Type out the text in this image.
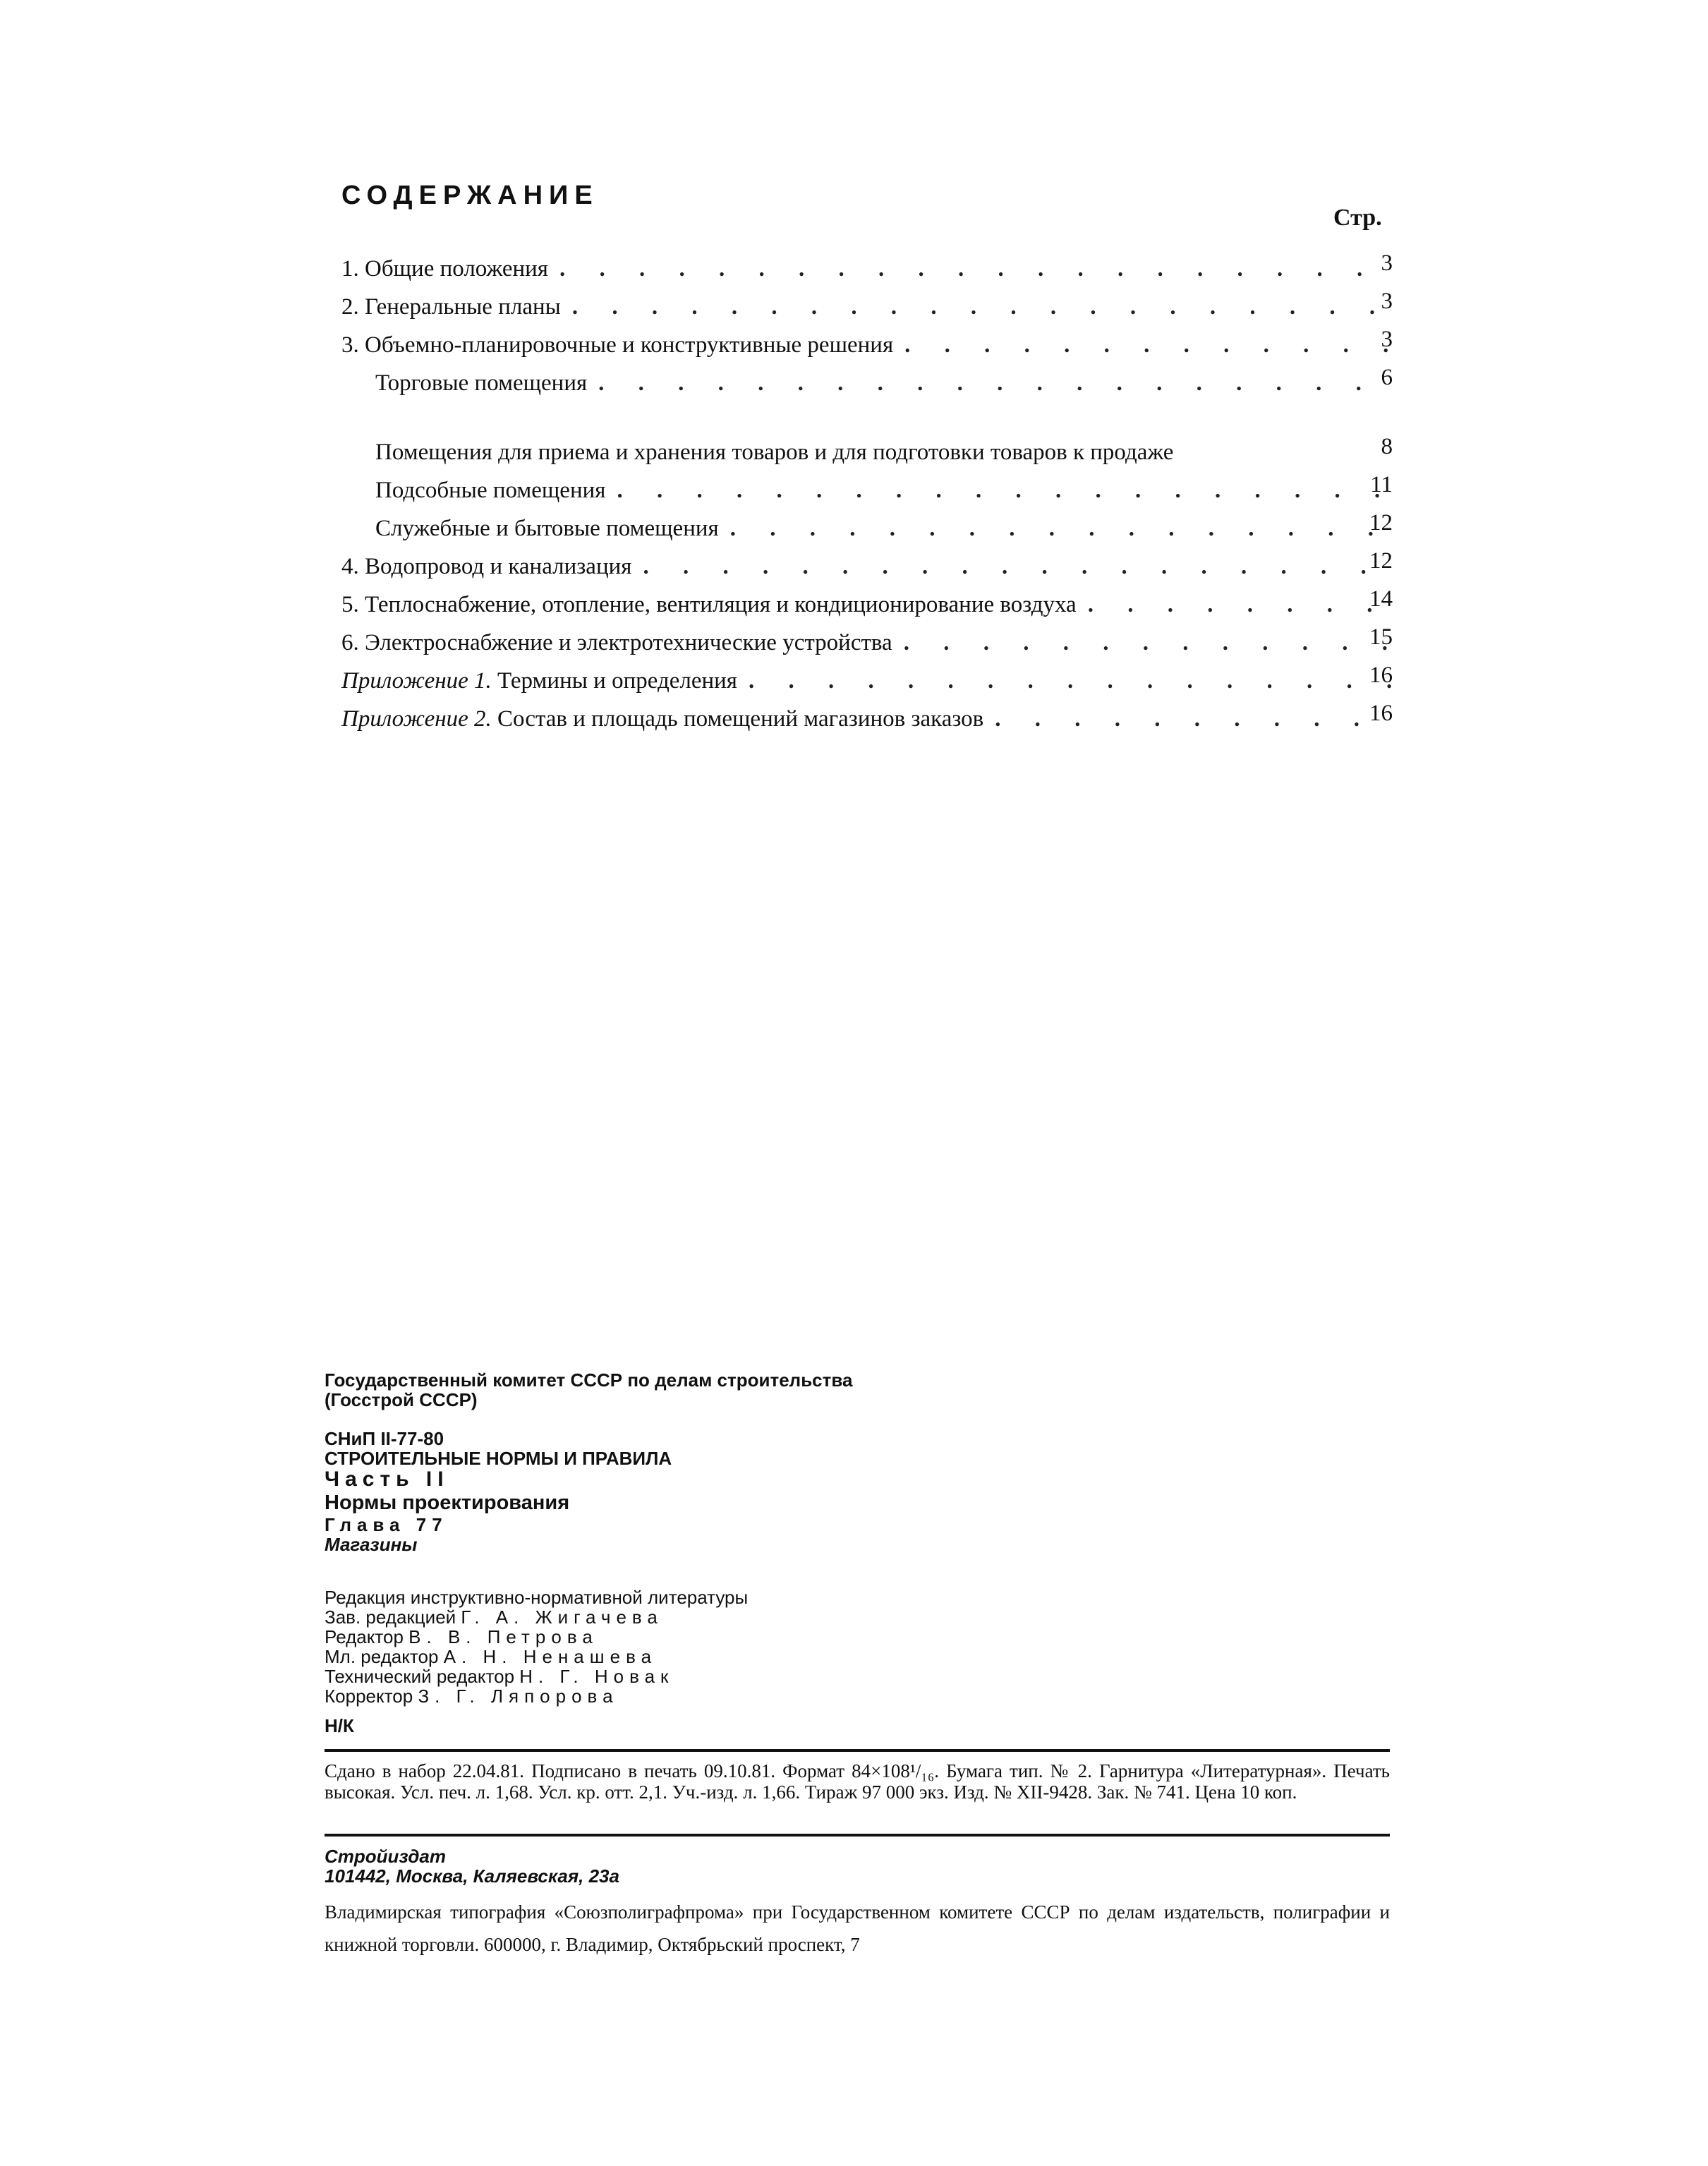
СОДЕРЖАНИЕ
Стр.
1. Общие положения . . .	3
2. Генеральные планы . . .	3
3. Объемно-планировочные и конструктивные решения . . .	3
Торговые помещения . . .	6
Помещения для приема и хранения товаров и для подготовки товаров к продаже	8
Подсобные помещения . . .	11
Служебные и бытовые помещения . . .	12
4. Водопровод и канализация . . .	12
5. Теплоснабжение, отопление, вентиляция и кондиционирование воздуха . . .	14
6. Электроснабжение и электротехнические устройства . . .	15
Приложение 1. Термины и определения . . .	16
Приложение 2. Состав и площадь помещений магазинов заказов . . .	16
Государственный комитет СССР по делам строительства
(Госстрой СССР)
СНиП II-77-80
СТРОИТЕЛЬНЫЕ НОРМЫ И ПРАВИЛА
Часть II
Нормы проектирования
Глава 77
Магазины
Редакция инструктивно-нормативной литературы
Зав. редакцией Г. А. Жигачева
Редактор В. В. Петрова
Мл. редактор А. Н. Ненашева
Технический редактор Н. Г. Новак
Корректор З. Г. Ляпорова
Н/К
Сдано в набор 22.04.81. Подписано в печать 09.10.81. Формат 84×108¹/₁₆. Бумага тип. № 2. Гарнитура «Литературная». Печать высокая. Усл. печ. л. 1,68. Усл. кр. отт. 2,1. Уч.-изд. л. 1,66. Тираж 97 000 экз. Изд. № XII-9428. Зак. № 741. Цена 10 коп.
Стройиздат
101442, Москва, Каляевская, 23а
Владимирская типография «Союзполиграфпрома» при Государственном комитете СССР по делам издательств, полиграфии и книжной торговли. 600000, г. Владимир, Октябрьский проспект, 7
